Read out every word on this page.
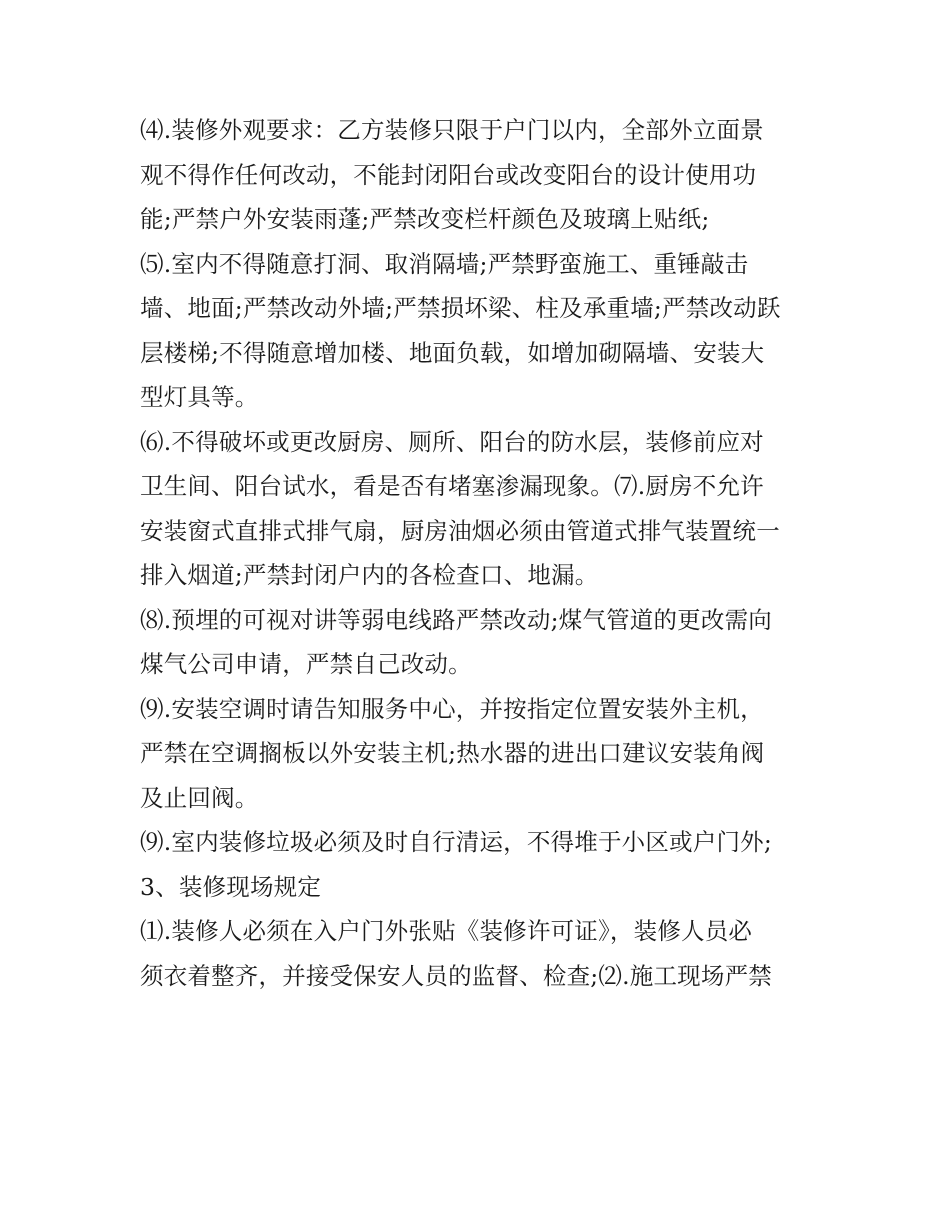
⑷.装修外观要求：乙方装修只限于户门以内，全部外立面景
观不得作任何改动，不能封闭阳台或改变阳台的设计使用功
能;严禁户外安装雨蓬;严禁改变栏杆颜色及玻璃上贴纸;
⑸.室内不得随意打洞、取消隔墙;严禁野蛮施工、重锤敲击
墙、地面;严禁改动外墙;严禁损坏梁、柱及承重墙;严禁改动跃
层楼梯;不得随意增加楼、地面负载，如增加砌隔墙、安装大
型灯具等。
⑹.不得破坏或更改厨房、厕所、阳台的防水层，装修前应对
卫生间、阳台试水，看是否有堵塞渗漏现象。⑺.厨房不允许
安装窗式直排式排气扇，厨房油烟必须由管道式排气装置统一
排入烟道;严禁封闭户内的各检查口、地漏。
⑻.预埋的可视对讲等弱电线路严禁改动;煤气管道的更改需向
煤气公司申请，严禁自己改动。
⑼.安装空调时请告知服务中心，并按指定位置安装外主机，
严禁在空调搁板以外安装主机;热水器的进出口建议安装角阀
及止回阀。
⑼.室内装修垃圾必须及时自行清运，不得堆于小区或户门外;
3、装修现场规定
⑴.装修人必须在入户门外张贴《装修许可证》，装修人员必
须衣着整齐，并接受保安人员的监督、检查;⑵.施工现场严禁
